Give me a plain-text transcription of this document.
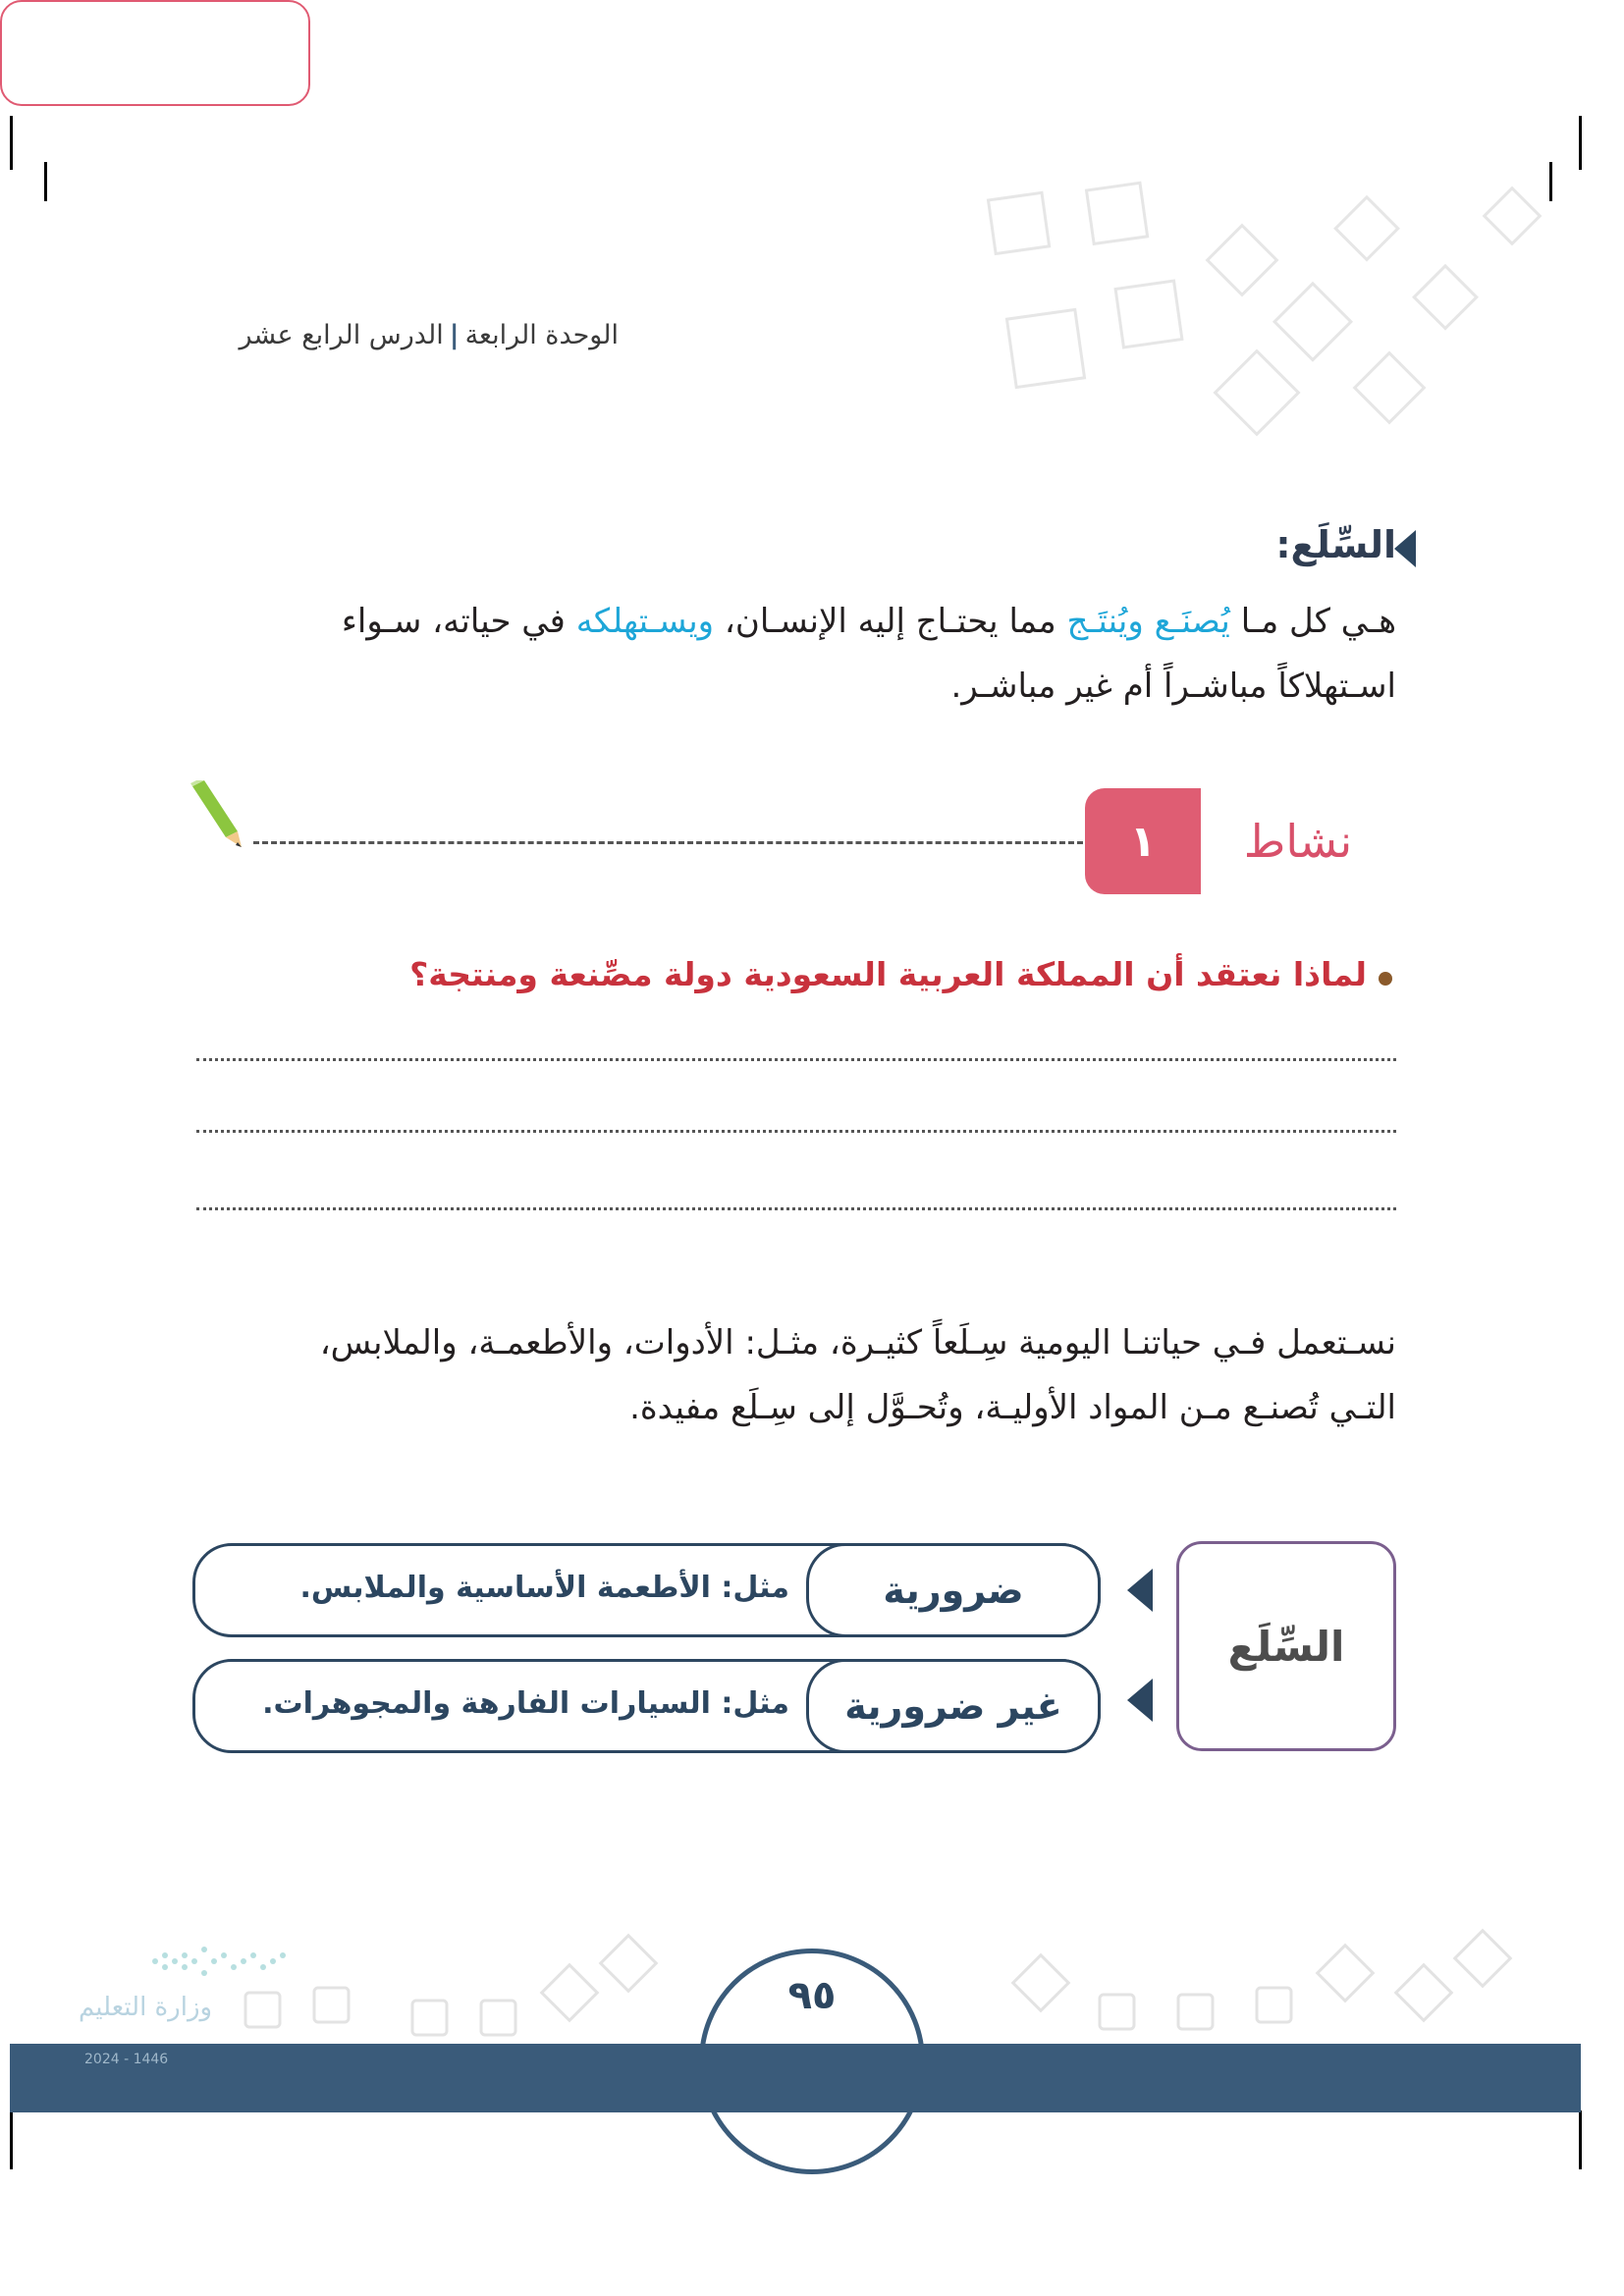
الوحدة الرابعة|الدرس الرابع عشر
السِّلَع:
هـي كل مـا يُصنَـع ويُنتَـج مما يحتـاج إليه الإنسـان، ويسـتهلكه في حياته، سـواء
اسـتهلاكاً مباشـراً أم غير مباشـر.
١	نشاط
لماذا نعتقد أن المملكة العربية السعودية دولة مصِّنعة ومنتجة؟
نسـتعمل فـي حياتنـا اليومية سِـلَعاً كثيـرة، مثـل: الأدوات، والأطعمـة، والملابس،
التـي تُصنـع مـن المواد الأوليـة، وتُحـوَّل إلى سِـلَع مفيدة.
السِّلَع
ضرورية
مثل: الأطعمة الأساسية والملابس.
غير ضرورية
مثل: السيارات الفارهة والمجوهرات.
وزارة التعليم
2024 - 1446
٩٥
